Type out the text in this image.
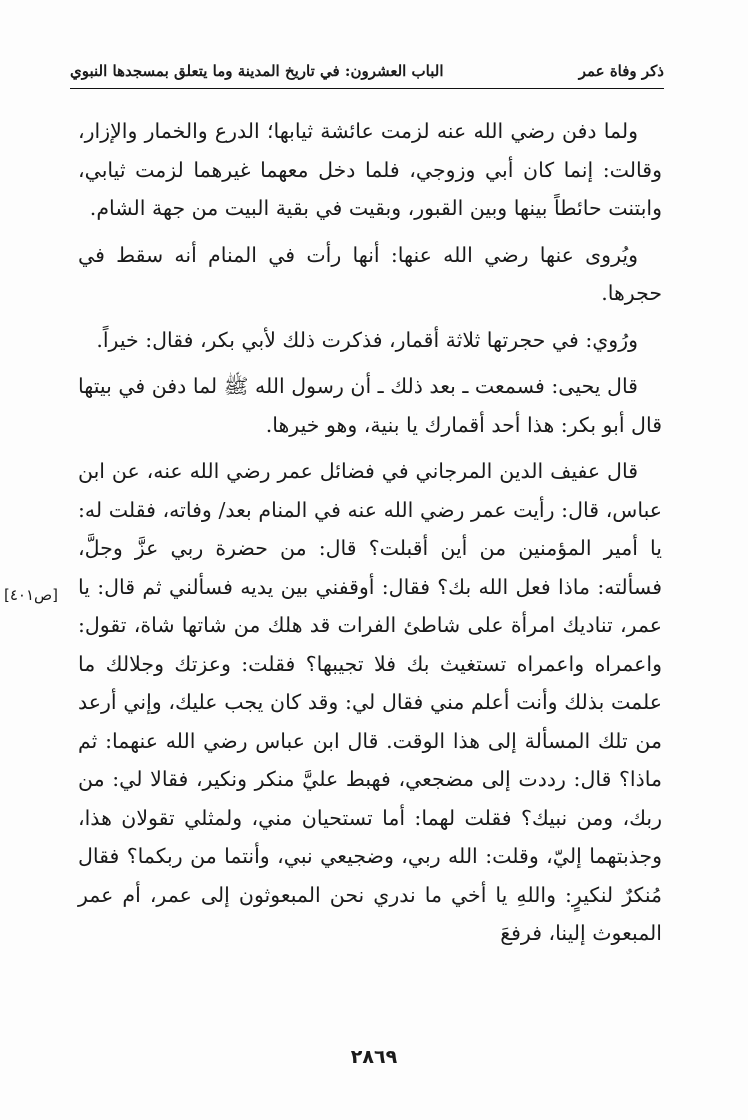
ذكر وفاة عمر
الباب العشرون: في تاريخ المدينة وما يتعلق بمسجدها النبوي

ولما دفن رضي الله عنه لزمت عائشة ثيابها؛ الدرع والخمار والإزار، وقالت: إنما كان أبي وزوجي، فلما دخل معهما غيرهما لزمت ثيابي، وابتنت حائطاً بينها وبين القبور، وبقيت في بقية البيت من جهة الشام.

ويُروى عنها رضي الله عنها: أنها رأت في المنام أنه سقط في حجرها.

ورُوي: في حجرتها ثلاثة أقمار، فذكرت ذلك لأبي بكر، فقال: خيراً.

قال يحيى: فسمعت ـ بعد ذلك ـ أن رسول الله ﷺ لما دفن في بيتها قال أبو بكر: هذا أحد أقمارك يا بنية، وهو خيرها.

قال عفيف الدين المرجاني في فضائل عمر رضي الله عنه، عن ابن عباس، قال: رأيت عمر رضي الله عنه في المنام بعد/ وفاته، فقلت له: يا أمير المؤمنين من أين أقبلت؟ قال: من حضرة ربي عزَّ وجلَّ، فسألته: ماذا فعل الله بك؟ فقال: أوقفني بين يديه فسألني ثم قال: يا عمر، تناديك امرأة على شاطئ الفرات قد هلك من شاتها شاة، تقول: واعمراه واعمراه تستغيث بك فلا تجيبها؟ فقلت: وعزتك وجلالك ما علمت بذلك وأنت أعلم مني فقال لي: وقد كان يجب عليك، وإني أرعد من تلك المسألة إلى هذا الوقت. قال ابن عباس رضي الله عنهما: ثم ماذا؟ قال: رددت إلى مضجعي، فهبط عليَّ منكر ونكير، فقالا لي: من ربك، ومن نبيك؟ فقلت لهما: أما تستحيان مني، ولمثلي تقولان هذا، وجذبتهما إليّ، وقلت: الله ربي، وضجيعي نبي، وأنتما من ربكما؟ فقال مُنكرٌ لنكيرٍ: واللهِ يا أخي ما ندري نحن المبعوثون إلى عمر، أم عمر المبعوث إلينا، فرفعَ

[ص٤٠١]
٢٨٦٩
